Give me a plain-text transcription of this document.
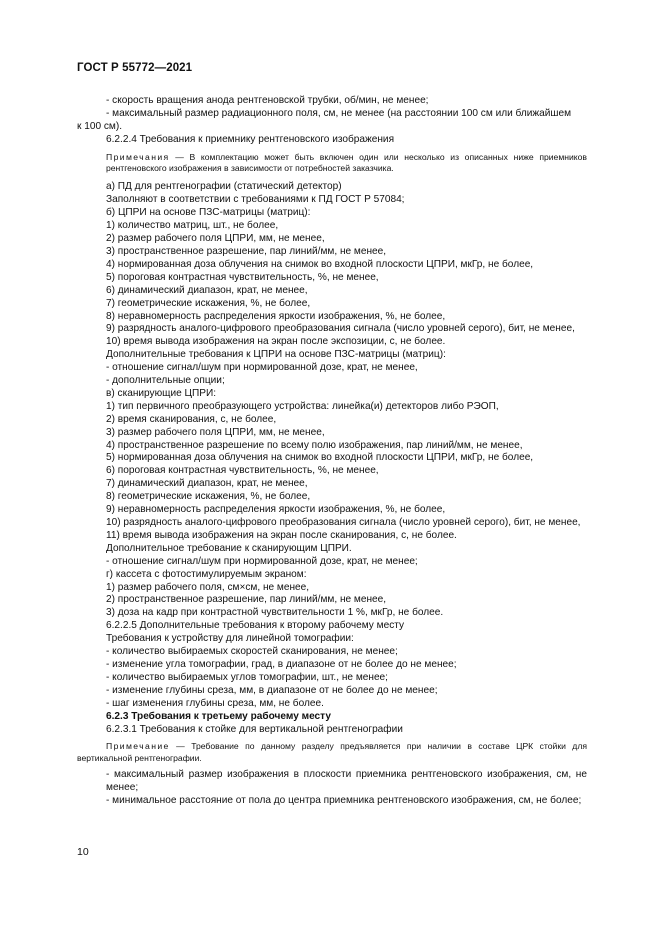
ГОСТ Р 55772—2021
- скорость вращения анода рентгеновской трубки, об/мин, не менее;
- максимальный размер радиационного поля, см, не менее (на расстоянии 100 см или ближайшем
к 100 см).
6.2.2.4 Требования к приемнику рентгеновского изображения
Примечания — В комплектацию может быть включен один или несколько из описанных ниже приемников рентгеновского изображения в зависимости от потребностей заказчика.
а) ПД для рентгенографии (статический детектор)
Заполняют в соответствии с требованиями к ПД ГОСТ Р 57084;
б) ЦПРИ на основе ПЗС-матрицы (матриц):
1) количество матриц, шт., не более,
2) размер рабочего поля ЦПРИ, мм, не менее,
3) пространственное разрешение, пар линий/мм, не менее,
4) нормированная доза облучения на снимок во входной плоскости ЦПРИ, мкГр, не более,
5) пороговая контрастная чувствительность, %, не менее,
6) динамический диапазон, крат, не менее,
7) геометрические искажения, %, не более,
8) неравномерность распределения яркости изображения, %, не более,
9) разрядность аналого-цифрового преобразования сигнала (число уровней серого), бит, не менее,
10) время вывода изображения на экран после экспозиции, с, не более.
Дополнительные требования к ЦПРИ на основе ПЗС-матрицы (матриц):
- отношение сигнал/шум при нормированной дозе, крат, не менее,
- дополнительные опции;
в) сканирующие ЦПРИ:
1) тип первичного преобразующего устройства: линейка(и) детекторов либо РЭОП,
2) время сканирования, с, не более,
3) размер рабочего поля ЦПРИ, мм, не менее,
4) пространственное разрешение по всему полю изображения, пар линий/мм, не менее,
5) нормированная доза облучения на снимок во входной плоскости ЦПРИ, мкГр, не более,
6) пороговая контрастная чувствительность, %, не менее,
7) динамический диапазон, крат, не менее,
8) геометрические искажения, %, не более,
9) неравномерность распределения яркости изображения, %, не более,
10) разрядность аналого-цифрового преобразования сигнала (число уровней серого), бит, не менее,
11) время вывода изображения на экран после сканирования, с, не более.
Дополнительное требование к сканирующим ЦПРИ.
- отношение сигнал/шум при нормированной дозе, крат, не менее;
г) кассета с фотостимулируемым экраном:
1) размер рабочего поля, см×см, не менее,
2) пространственное разрешение, пар линий/мм, не менее,
3) доза на кадр при контрастной чувствительности 1 %, мкГр, не более.
6.2.2.5 Дополнительные требования к второму рабочему месту
Требования к устройству для линейной томографии:
- количество выбираемых скоростей сканирования, не менее;
- изменение угла томографии, град, в диапазоне от не более до не менее;
- количество выбираемых углов томографии, шт., не менее;
- изменение глубины среза, мм, в диапазоне от не более до не менее;
- шаг изменения глубины среза, мм, не более.
6.2.3 Требования к третьему рабочему месту
6.2.3.1 Требования к стойке для вертикальной рентгенографии
Примечание — Требование по данному разделу предъявляется при наличии в составе ЦРК стойки для вертикальной рентгенографии.
- максимальный размер изображения в плоскости приемника рентгеновского изображения, см, не менее;
- минимальное расстояние от пола до центра приемника рентгеновского изображения, см, не более;
10
